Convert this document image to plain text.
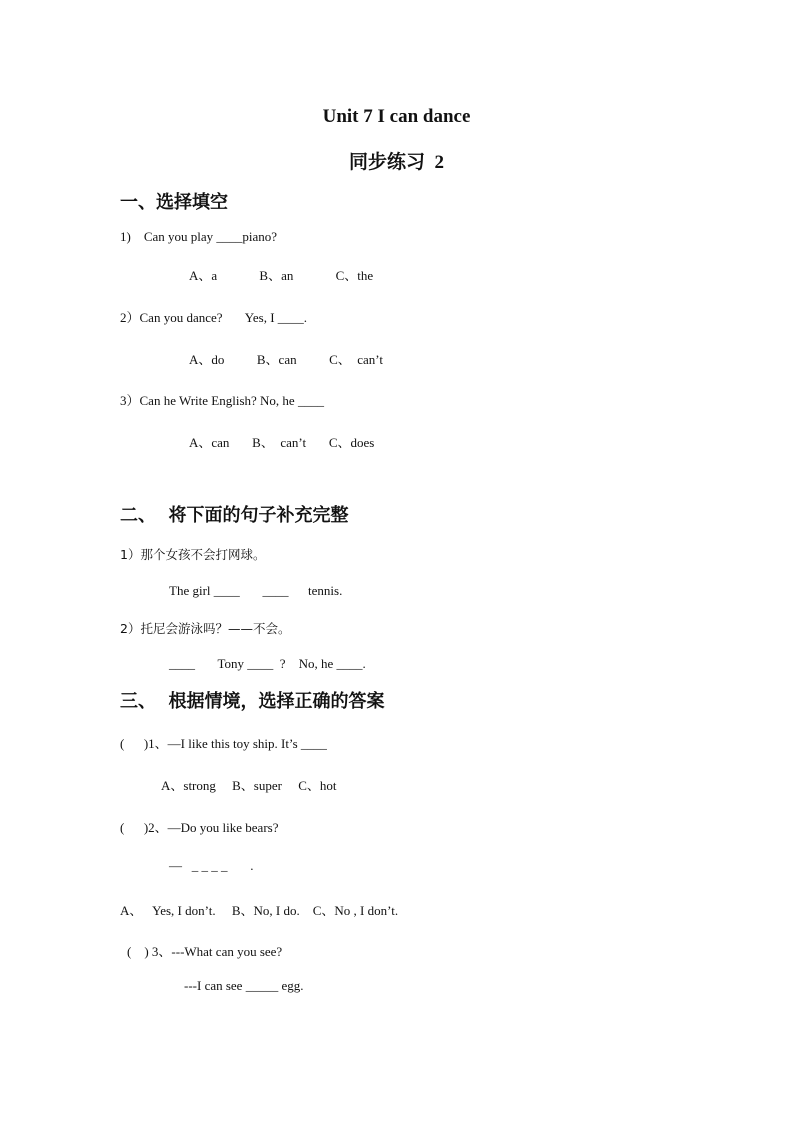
Unit 7 I can dance
同步练习  2
一、选择填空
1)    Can you play ____piano?
A、a             B、an             C、the
2）Can you dance?       Yes, I ____.
A、do          B、can          C、  can’t
3）Can he Write English? No, he ____
A、can       B、  can’t       C、does
二、  将下面的句子补充完整
1）那个女孩不会打网球。
The girl ____       ____      tennis.
2）托尼会游泳吗？——不会。
____       Tony ____  ?    No, he ____.
三、  根据情境，选择正确的答案
(      )1、—I like this toy ship. It’s ____
A、strong     B、super     C、hot
(      )2、—Do you like bears?
—   _ _ _ _       .
A、   Yes, I don’t.     B、No, I do.    C、No , I don’t.
(    ) 3、---What can you see?
---I can see _____ egg.
